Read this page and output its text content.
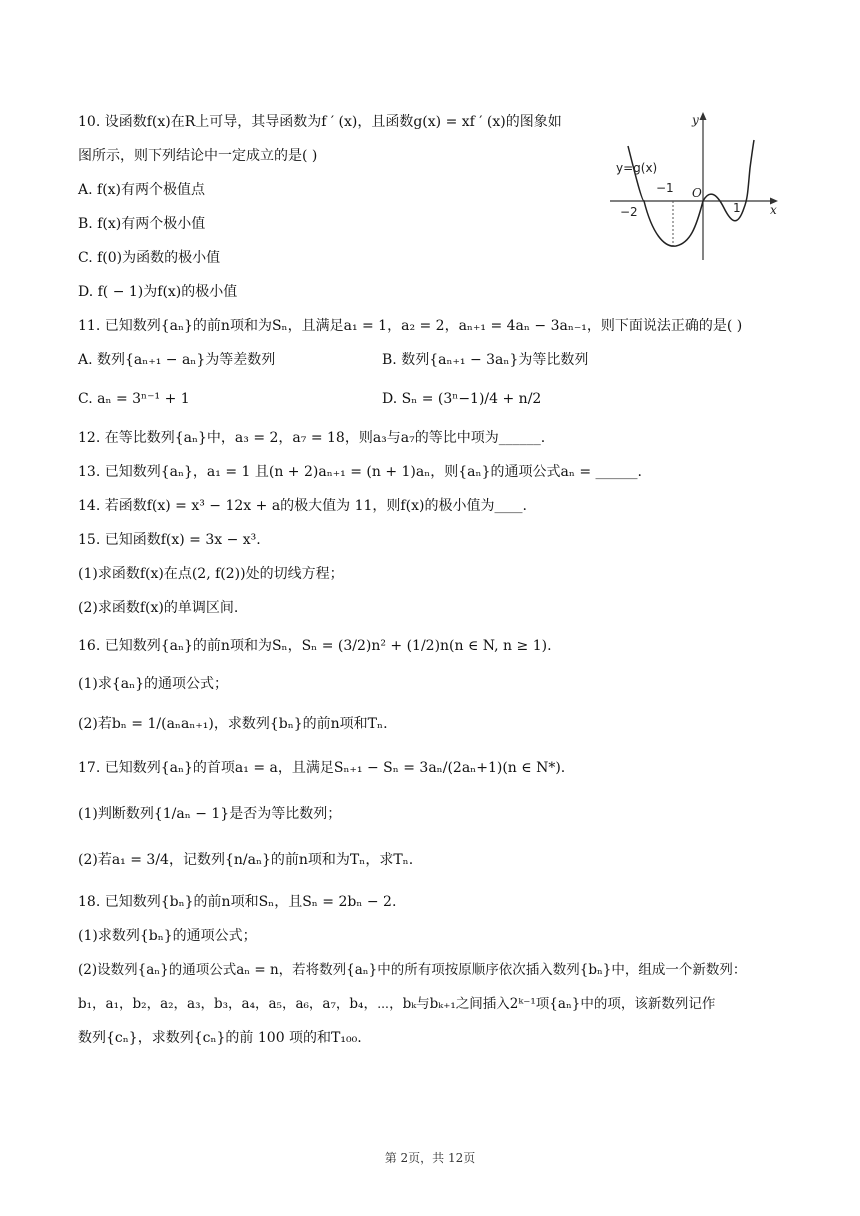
10. 设函数f(x)在R上可导，其导函数为f ′ (x)，且函数g(x) = xf ′ (x)的图象如
图所示，则下列结论中一定成立的是( )
A. f(x)有两个极值点
B. f(x)有两个极小值
C. f(0)为函数的极小值
D. f( − 1)为f(x)的极小值
y
x
y=g(x)
−1 O
−2	1
11. 已知数列{aₙ}的前n项和为Sₙ，且满足a₁ = 1，a₂ = 2，aₙ₊₁ = 4aₙ − 3aₙ₋₁，则下面说法正确的是( )
A. 数列{aₙ₊₁ − aₙ}为等差数列	B. 数列{aₙ₊₁ − 3aₙ}为等比数列
C. aₙ = 3ⁿ⁻¹ + 1	D. Sₙ = (3ⁿ−1)/4 + n/2
12. 在等比数列{aₙ}中，a₃ = 2，a₇ = 18，则a₃与a₇的等比中项为______.
13. 已知数列{aₙ}，a₁ = 1 且(n + 2)aₙ₊₁ = (n + 1)aₙ，则{aₙ}的通项公式aₙ = ______.
14. 若函数f(x) = x³ − 12x + a的极大值为 11，则f(x)的极小值为____.
15. 已知函数f(x) = 3x − x³.
(1)求函数f(x)在点(2, f(2))处的切线方程；
(2)求函数f(x)的单调区间.
16. 已知数列{aₙ}的前n项和为Sₙ，Sₙ = (3/2)n² + (1/2)n(n ∈ N, n ≥ 1).
(1)求{aₙ}的通项公式；
(2)若bₙ = 1/(aₙaₙ₊₁)，求数列{bₙ}的前n项和Tₙ.
17. 已知数列{aₙ}的首项a₁ = a，且满足Sₙ₊₁ − Sₙ = 3aₙ/(2aₙ+1)(n ∈ N*).
(1)判断数列{1/aₙ − 1}是否为等比数列；
(2)若a₁ = 3/4，记数列{n/aₙ}的前n项和为Tₙ，求Tₙ.
18. 已知数列{bₙ}的前n项和Sₙ，且Sₙ = 2bₙ − 2.
(1)求数列{bₙ}的通项公式；
(2)设数列{aₙ}的通项公式aₙ = n，若将数列{aₙ}中的所有项按原顺序依次插入数列{bₙ}中，组成一个新数列：
b₁，a₁，b₂，a₂，a₃，b₃，a₄，a₅，a₆，a₇，b₄，⋯，bₖ与bₖ₊₁之间插入2ᵏ⁻¹项{aₙ}中的项，该新数列记作
数列{cₙ}，求数列{cₙ}的前 100 项的和T₁₀₀.
第 2页，共 12页
